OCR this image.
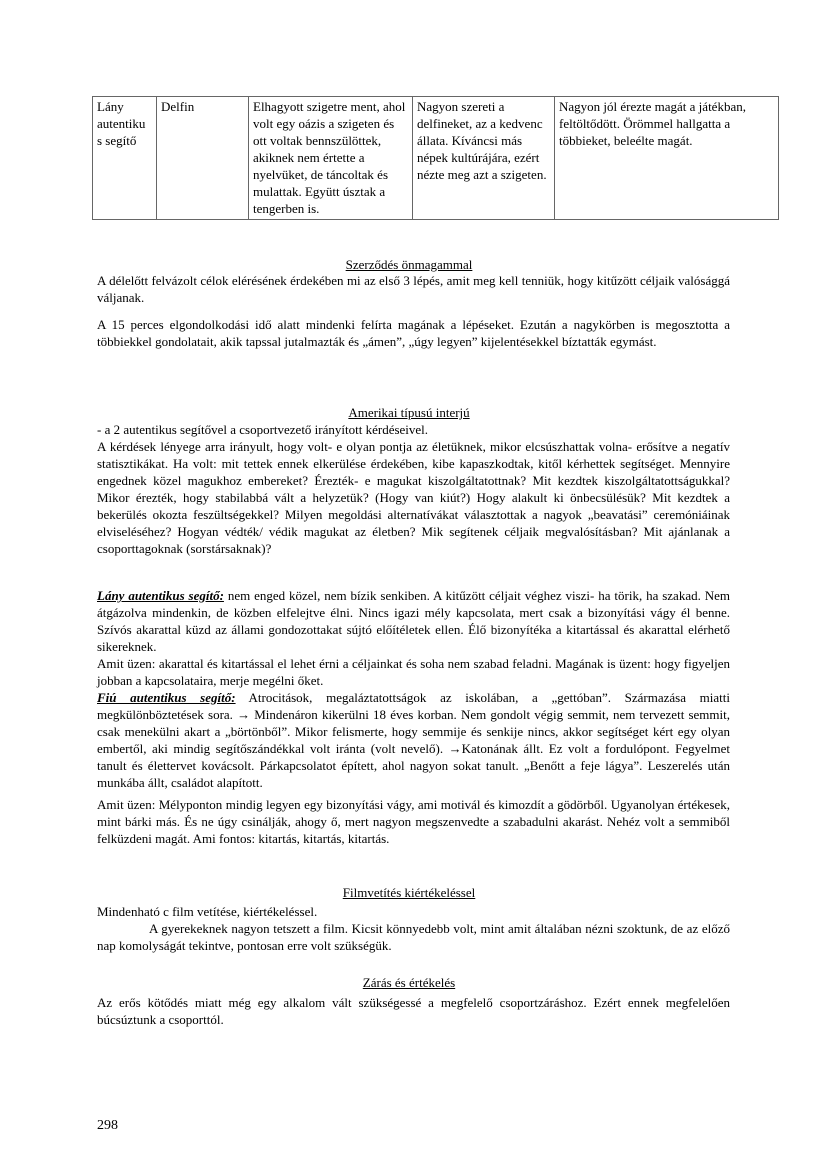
Lány autentiku s segítő	Delfin	Elhagyott szigetre ment, ahol volt egy oázis a szigeten és ott voltak bennszülöttek, akiknek nem értette a nyelvüket, de táncoltak és mulattak. Együtt úsztak a tengerben is.	Nagyon szereti a delfineket, az a kedvenc állata. Kíváncsi más népek kultúrájára, ezért nézte meg azt a szigeten.	Nagyon jól érezte magát a játékban, feltöltődött. Örömmel hallgatta a többieket, beleélte magát.
Szerződés önmagammal

A délelőtt felvázolt célok elérésének érdekében mi az első 3 lépés, amit meg kell tenniük, hogy kitűzött céljaik valósággá váljanak.

A 15 perces elgondolkodási idő alatt mindenki felírta magának a lépéseket. Ezután a nagykörben is megosztotta a többiekkel gondolatait, akik tapssal jutalmazták és „ámen”, „úgy legyen” kijelentésekkel bíztatták egymást.

Amerikai típusú interjú

- a 2 autentikus segítővel a csoportvezető irányított kérdéseivel.

A kérdések lényege arra irányult, hogy volt- e olyan pontja az életüknek, mikor elcsúszhattak volna- erősítve a negatív statisztikákat. Ha volt: mit tettek ennek elkerülése érdekében, kibe kapaszkodtak, kitől kérhettek segítséget. Mennyire engednek közel magukhoz embereket? Érezték- e magukat kiszolgáltatottnak? Mit kezdtek kiszolgáltatottságukkal? Mikor érezték, hogy stabilabbá vált a helyzetük? (Hogy van kiút?) Hogy alakult ki önbecsülésük? Mit kezdtek a bekerülés okozta feszültségekkel? Milyen megoldási alternatívákat választottak a nagyok „beavatási” ceremóniáinak elviseléséhez? Hogyan védték/ védik magukat az életben? Mik segítenek céljaik megvalósításban? Mit ajánlanak a csoporttagoknak (sorstársaknak)?

Lány autentikus segítő: nem enged közel, nem bízik senkiben. A kitűzött céljait véghez viszi- ha törik, ha szakad. Nem átgázolva mindenkin, de közben elfelejtve élni. Nincs igazi mély kapcsolata, mert csak a bizonyítási vágy él benne. Szívós akarattal küzd az állami gondozottakat sújtó előítéletek ellen. Élő bizonyítéka a kitartással és akarattal elérhető sikereknek.

Amit üzen: akarattal és kitartással el lehet érni a céljainkat és soha nem szabad feladni. Magának is üzent: hogy figyeljen jobban a kapcsolataira, merje megélni őket.

Fiú autentikus segítő: Atrocitások, megaláztatottságok az iskolában, a „gettóban”. Származása miatti megkülönböztetések sora. → Mindenáron kikerülni 18 éves korban. Nem gondolt végig semmit, nem tervezett semmit, csak menekülni akart a „börtönből”. Mikor felismerte, hogy semmije és senkije nincs, akkor segítséget kért egy olyan embertől, aki mindig segítőszándékkal volt iránta (volt nevelő). →Katonának állt. Ez volt a fordulópont. Fegyelmet tanult és élettervet kovácsolt. Párkapcsolatot épített, ahol nagyon sokat tanult. „Benőtt a feje lágya”. Leszerelés után munkába állt, családot alapított.

Amit üzen: Mélyponton mindig legyen egy bizonyítási vágy, ami motivál és kimozdít a gödörből. Ugyanolyan értékesek, mint bárki más. És ne úgy csinálják, ahogy ő, mert nagyon megszenvedte a szabadulni akarást. Nehéz volt a semmiből felküzdeni magát. Ami fontos: kitartás, kitartás, kitartás.

Filmvetítés kiértékeléssel

Mindenható c film vetítése, kiértékeléssel.

A gyerekeknek nagyon tetszett a film. Kicsit könnyedebb volt, mint amit általában nézni szoktunk, de az előző nap komolyságát tekintve, pontosan erre volt szükségük.

Zárás és értékelés

Az erős kötődés miatt még egy alkalom vált szükségessé a megfelelő csoportzáráshoz. Ezért ennek megfelelően búcsúztunk a csoporttól.

298
